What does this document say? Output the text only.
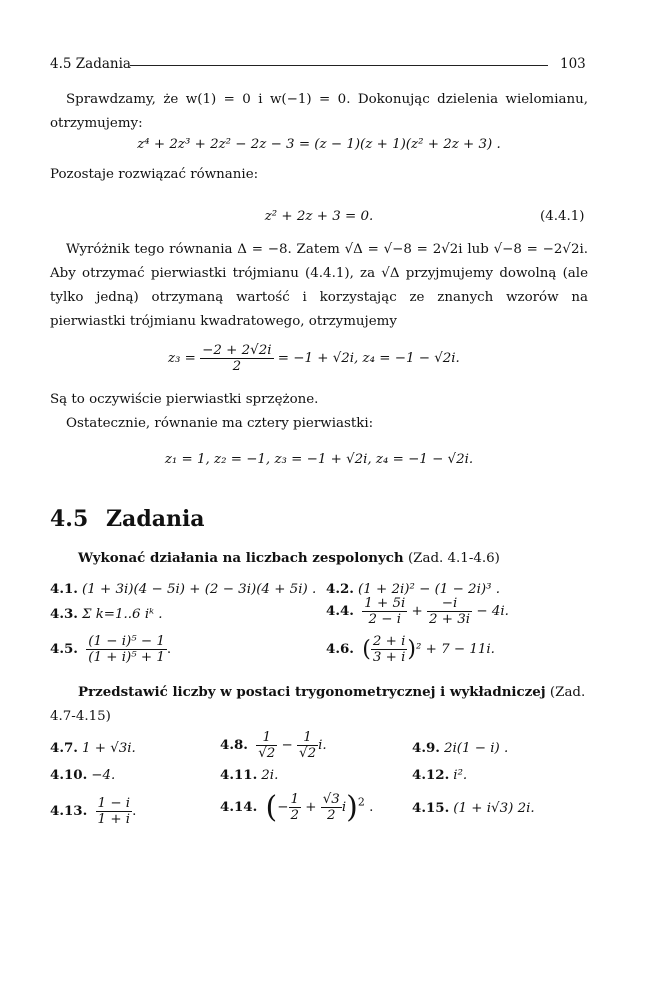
4.5 Zadania	103
Sprawdzamy, że w(1) = 0 i w(−1) = 0. Dokonując dzielenia wielomianu, otrzymujemy:
z⁴ + 2z³ + 2z² − 2z − 3 = (z − 1)(z + 1)(z² + 2z + 3) .
Pozostaje rozwiązać równanie:
z² + 2z + 3 = 0.	(4.4.1)
Wyróżnik tego równania Δ = −8. Zatem √Δ = √−8 = 2√2i lub √−8 = −2√2i. Aby otrzymać pierwiastki trójmianu (4.4.1), za √Δ przyjmujemy dowolną (ale tylko jedną) otrzymaną wartość i korzystając ze znanych wzorów na pierwiastki trójmianu kwadratowego, otrzymujemy
$z_3 = \frac{-2 + 2√2i}{2} = -1 + √2i$, z₄ = −1 − √2i.
Są to oczywiście pierwiastki sprzężone.
Ostatecznie, równanie ma cztery pierwiastki:
z₁ = 1, z₂ = −1, z₃ = −1 + √2i, z₄ = −1 − √2i.
4.5 Zadania
Wykonać działania na liczbach zespolonych (Zad. 4.1-4.6)
4.1. (1 + 3i)(4 − 5i) + (2 − 3i)(4 + 5i) . 4.2. (1 + 2i)² − (1 − 2i)³ .
4.3. Σ k=1..6 iᵏ .	4.4. $\frac{1 + 5i}{2 - i} + \frac{-i}{2 + 3i} - 4i$.
4.5. $\frac{\text{(1 − i)⁵ − 1}}{\text{(1 + i)⁵ + 1}}$ .	4.6. ( $\frac{2 + i}{3 + i} )^2 + 7 - 11i$.
Przedstawić liczby w postaci trygonometrycznej i wykładniczej (Zad. 4.7-4.15)
4.7. 1 + √3i.	4.8. $\frac{1}{√2} - \frac{1}{√2} i$.	4.9. 2i(1 − i) .
4.10. −4.	4.11. 2i.	4.12. i².
4.13. $\frac{1 - i}{1 + i}$ .	4.14. (− $\frac{1}{2} + \frac{√3}{2} i)^2$ .	4.15. (1 + i√3) 2i.
